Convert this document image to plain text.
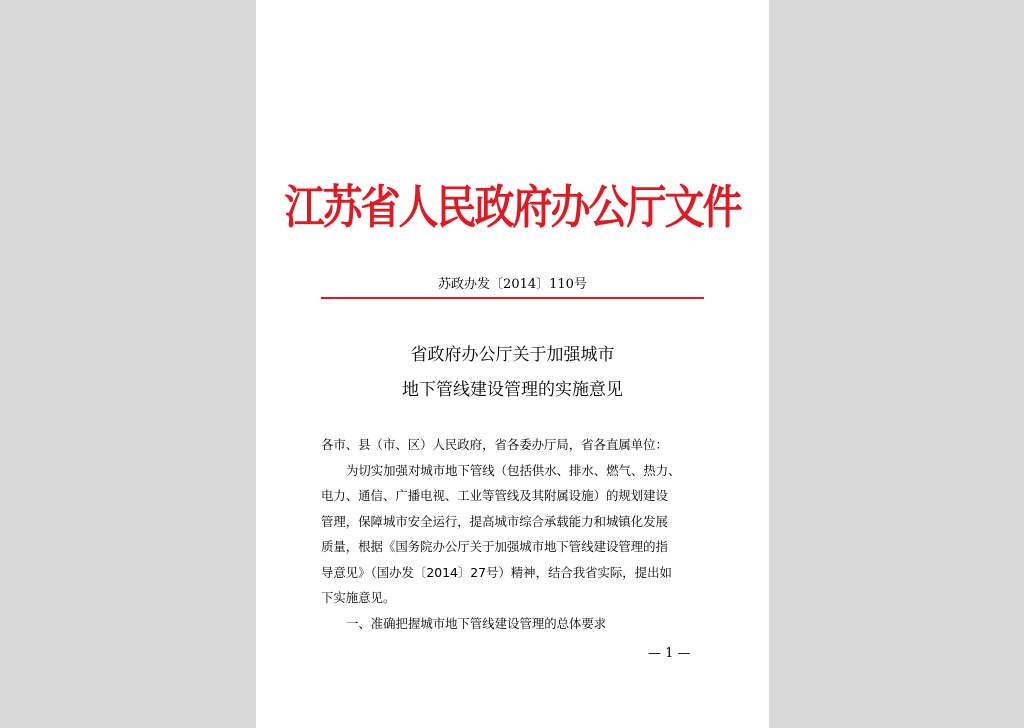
江苏省人民政府办公厅文件
苏政办发〔2014〕110号
省政府办公厅关于加强城市
地下管线建设管理的实施意见
各市、县（市、区）人民政府，省各委办厅局，省各直属单位：
为切实加强对城市地下管线（包括供水、排水、燃气、热力、
电力、通信、广播电视、工业等管线及其附属设施）的规划建设
管理，保障城市安全运行，提高城市综合承载能力和城镇化发展
质量，根据《国务院办公厅关于加强城市地下管线建设管理的指
导意见》（国办发〔2014〕27号）精神，结合我省实际，提出如
下实施意见。
一、准确把握城市地下管线建设管理的总体要求
— 1 —
